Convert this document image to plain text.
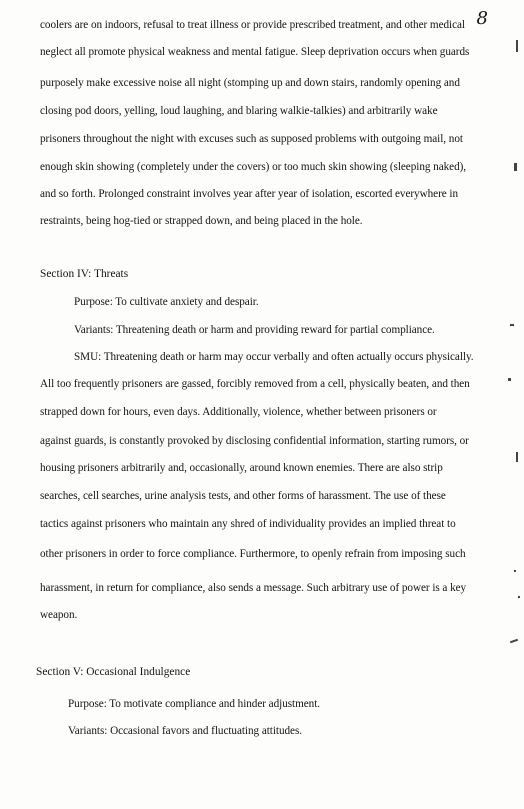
8
coolers are on indoors, refusal to treat illness or provide prescribed treatment, and other medical
neglect all promote physical weakness and mental fatigue. Sleep deprivation occurs when guards
purposely make excessive noise all night (stomping up and down stairs, randomly opening and
closing pod doors, yelling, loud laughing, and blaring walkie-talkies) and arbitrarily wake
prisoners throughout the night with excuses such as supposed problems with outgoing mail, not
enough skin showing (completely under the covers) or too much skin showing (sleeping naked),
and so forth. Prolonged constraint involves year after year of isolation, escorted everywhere in
restraints, being hog-tied or strapped down, and being placed in the hole.
Section IV: Threats
Purpose: To cultivate anxiety and despair.
Variants: Threatening death or harm and providing reward for partial compliance.
SMU: Threatening death or harm may occur verbally and often actually occurs physically.
All too frequently prisoners are gassed, forcibly removed from a cell, physically beaten, and then
strapped down for hours, even days. Additionally, violence, whether between prisoners or
against guards, is constantly provoked by disclosing confidential information, starting rumors, or
housing prisoners arbitrarily and, occasionally, around known enemies. There are also strip
searches, cell searches, urine analysis tests, and other forms of harassment. The use of these
tactics against prisoners who maintain any shred of individuality provides an implied threat to
other prisoners in order to force compliance. Furthermore, to openly refrain from imposing such
harassment, in return for compliance, also sends a message. Such arbitrary use of power is a key
weapon.
Section V: Occasional Indulgence
Purpose: To motivate compliance and hinder adjustment.
Variants: Occasional favors and fluctuating attitudes.
